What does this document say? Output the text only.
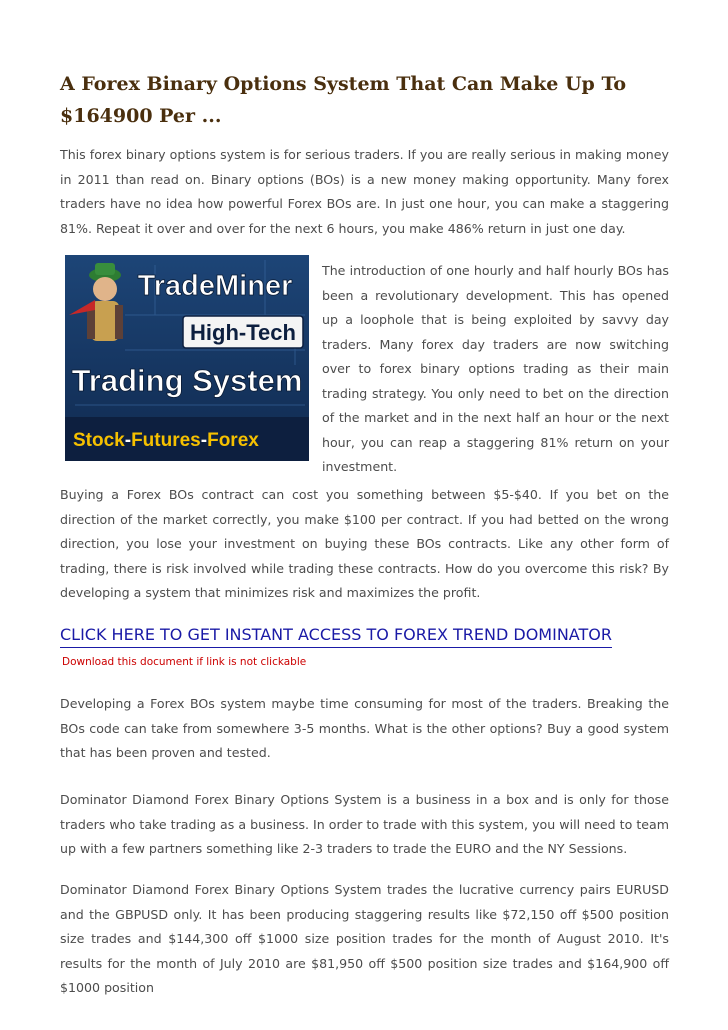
A Forex Binary Options System That Can Make Up To $164900 Per ...

This forex binary options system is for serious traders. If you are really serious in making money in 2011 than read on. Binary options (BOs) is a new money making opportunity. Many forex traders have no idea how powerful Forex BOs are. In just one hour, you can make a staggering 81%. Repeat it over and over for the next 6 hours, you make 486% return in just one day.

TradeMiner
High-Tech
Trading System
Stock-Futures-Forex

The introduction of one hourly and half hourly BOs has been a revolutionary development. This has opened up a loophole that is being exploited by savvy day traders. Many forex day traders are now switching over to forex binary options trading as their main trading strategy. You only need to bet on the direction of the market and in the next half an hour or the next hour, you can reap a staggering 81% return on your investment.

Buying a Forex BOs contract can cost you something between $5-$40. If you bet on the direction of the market correctly, you make $100 per contract. If you had betted on the wrong direction, you lose your investment on buying these BOs contracts. Like any other form of trading, there is risk involved while trading these contracts. How do you overcome this risk? By developing a system that minimizes risk and maximizes the profit.

CLICK HERE TO GET INSTANT ACCESS TO FOREX TREND DOMINATOR
Download this document if link is not clickable

Developing a Forex BOs system maybe time consuming for most of the traders. Breaking the BOs code can take from somewhere 3-5 months. What is the other options? Buy a good system that has been proven and tested.

Dominator Diamond Forex Binary Options System is a business in a box and is only for those traders who take trading as a business. In order to trade with this system, you will need to team up with a few partners something like 2-3 traders to trade the EURO and the NY Sessions.

Dominator Diamond Forex Binary Options System trades the lucrative currency pairs EURUSD and the GBPUSD only. It has been producing staggering results like $72,150 off $500 position size trades and $144,300 off $1000 size position trades for the month of August 2010. It's results for the month of July 2010 are $81,950 off $500 position size trades and $164,900 off $1000 position
